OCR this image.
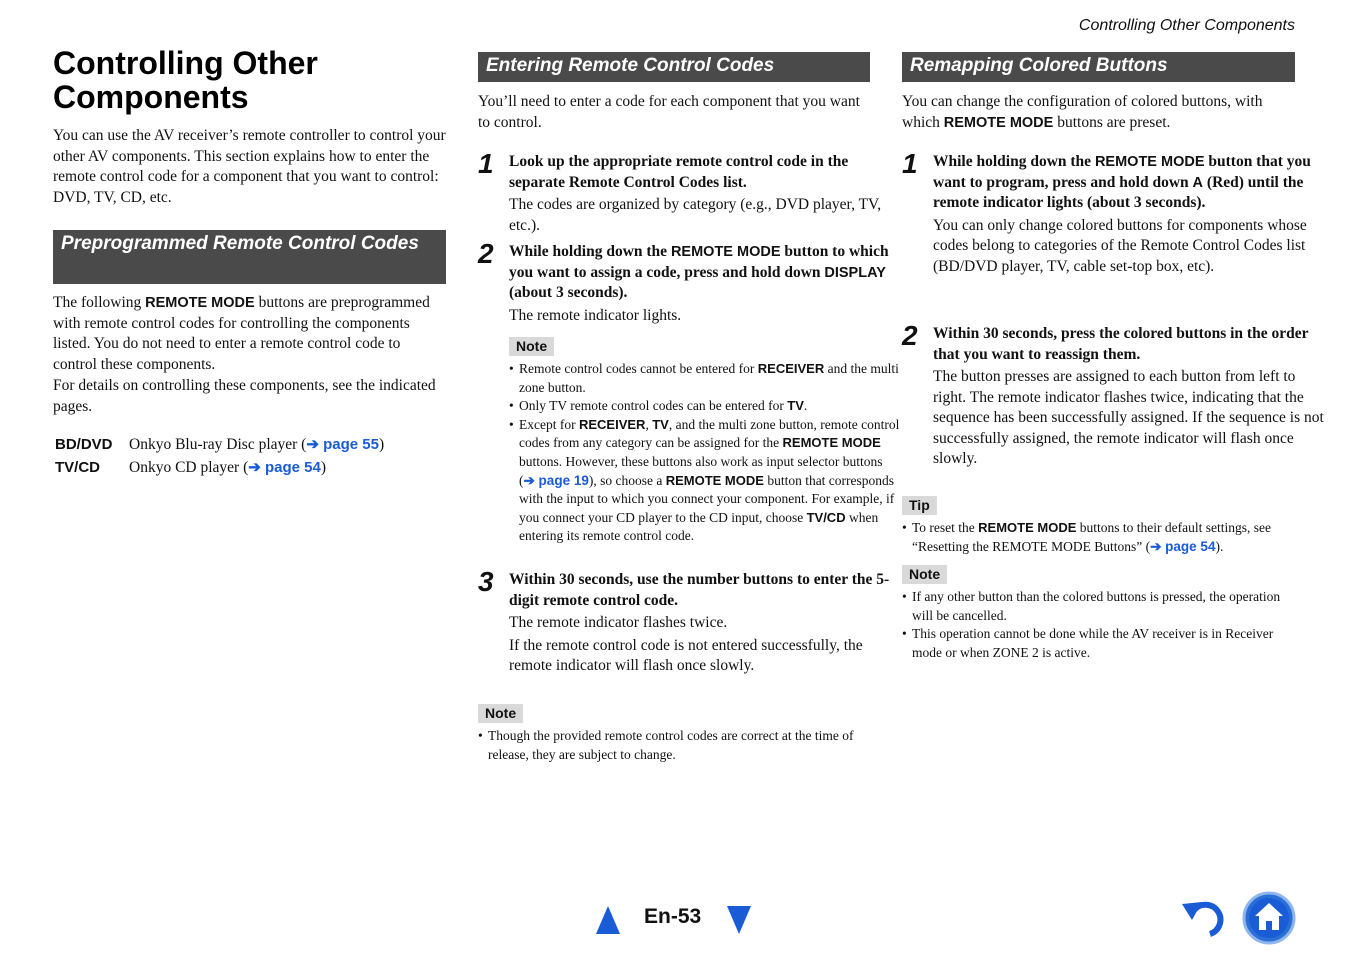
Controlling Other Components
Controlling Other Components

You can use the AV receiver’s remote controller to control your other AV components. This section explains how to enter the remote control code for a component that you want to control: DVD, TV, CD, etc.

Preprogrammed Remote Control Codes

The following REMOTE MODE buttons are preprogrammed with remote control codes for controlling the components listed. You do not need to enter a remote control code to control these components.

For details on controlling these components, see the indicated pages.

BD/DVD	Onkyo Blu-ray Disc player (➔ page 55)
TV/CD	Onkyo CD player (➔ page 54)
Entering Remote Control Codes

You’ll need to enter a code for each component that you want to control.

1 Look up the appropriate remote control code in the separate Remote Control Codes list.

The codes are organized by category (e.g., DVD player, TV, etc.).

2 While holding down the REMOTE MODE button to which you want to assign a code, press and hold down DISPLAY (about 3 seconds).

The remote indicator lights.

Note
• Remote control codes cannot be entered for RECEIVER and the multi zone button.
• Only TV remote control codes can be entered for TV.
• Except for RECEIVER, TV, and the multi zone button, remote control codes from any category can be assigned for the REMOTE MODE buttons. However, these buttons also work as input selector buttons (➔ page 19), so choose a REMOTE MODE button that corresponds with the input to which you connect your component. For example, if you connect your CD player to the CD input, choose TV/CD when entering its remote control code.
3 Within 30 seconds, use the number buttons to enter the 5-digit remote control code.

The remote indicator flashes twice.

If the remote control code is not entered successfully, the remote indicator will flash once slowly.

Note
• Though the provided remote control codes are correct at the time of release, they are subject to change.
Remapping Colored Buttons

You can change the configuration of colored buttons, with which REMOTE MODE buttons are preset.

1 While holding down the REMOTE MODE button that you want to program, press and hold down A (Red) until the remote indicator lights (about 3 seconds).

You can only change colored buttons for components whose codes belong to categories of the Remote Control Codes list (BD/DVD player, TV, cable set-top box, etc).

2 Within 30 seconds, press the colored buttons in the order that you want to reassign them.

The button presses are assigned to each button from left to right. The remote indicator flashes twice, indicating that the sequence has been successfully assigned. If the sequence is not successfully assigned, the remote indicator will flash once slowly.

Tip
• To reset the REMOTE MODE buttons to their default settings, see “Resetting the REMOTE MODE Buttons” (➔ page 54).
Note
• If any other button than the colored buttons is pressed, the operation will be cancelled.
• This operation cannot be done while the AV receiver is in Receiver mode or when ZONE 2 is active.
En-53
